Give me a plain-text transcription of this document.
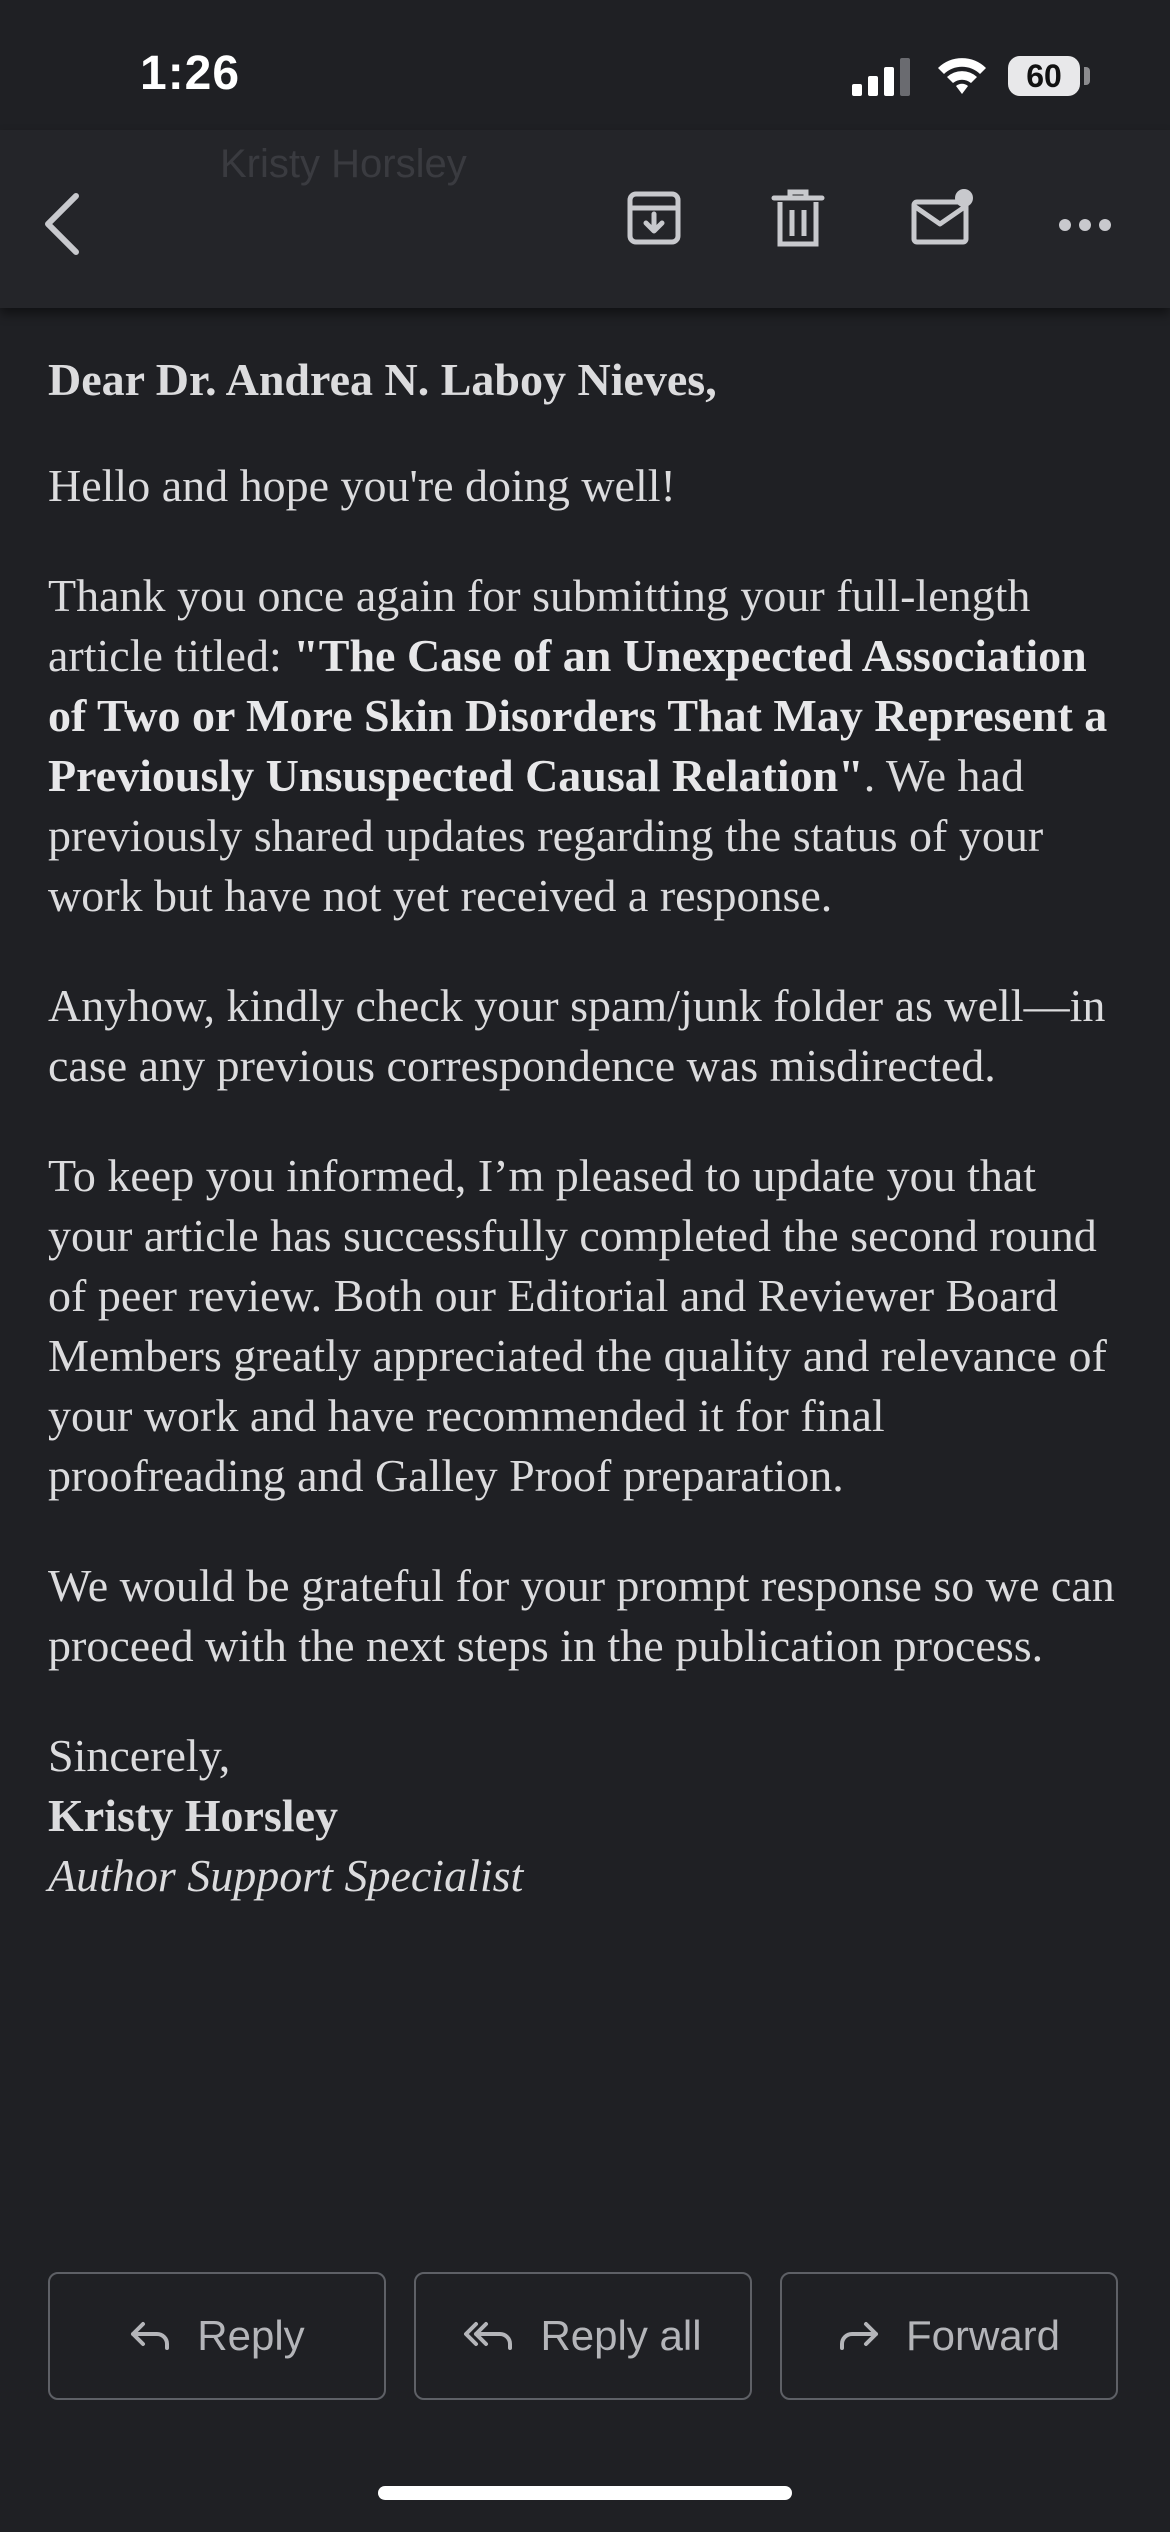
1:26	60
Kristy Horsley

Dear Dr. Andrea N. Laboy Nieves,

Hello and hope you're doing well!

Thank you once again for submitting your full-length article titled: "The Case of an Unexpected Association of Two or More Skin Disorders That May Represent a Previously Unsuspected Causal Relation". We had previously shared updates regarding the status of your work but have not yet received a response.

Anyhow, kindly check your spam/junk folder as well—in case any previous correspondence was misdirected.

To keep you informed, I’m pleased to update you that your article has successfully completed the second round of peer review. Both our Editorial and Reviewer Board Members greatly appreciated the quality and relevance of your work and have recommended it for final proofreading and Galley Proof preparation.

We would be grateful for your prompt response so we can proceed with the next steps in the publication process.

Sincerely,
Kristy Horsley
Author Support Specialist
Reply	Reply all	Forward
